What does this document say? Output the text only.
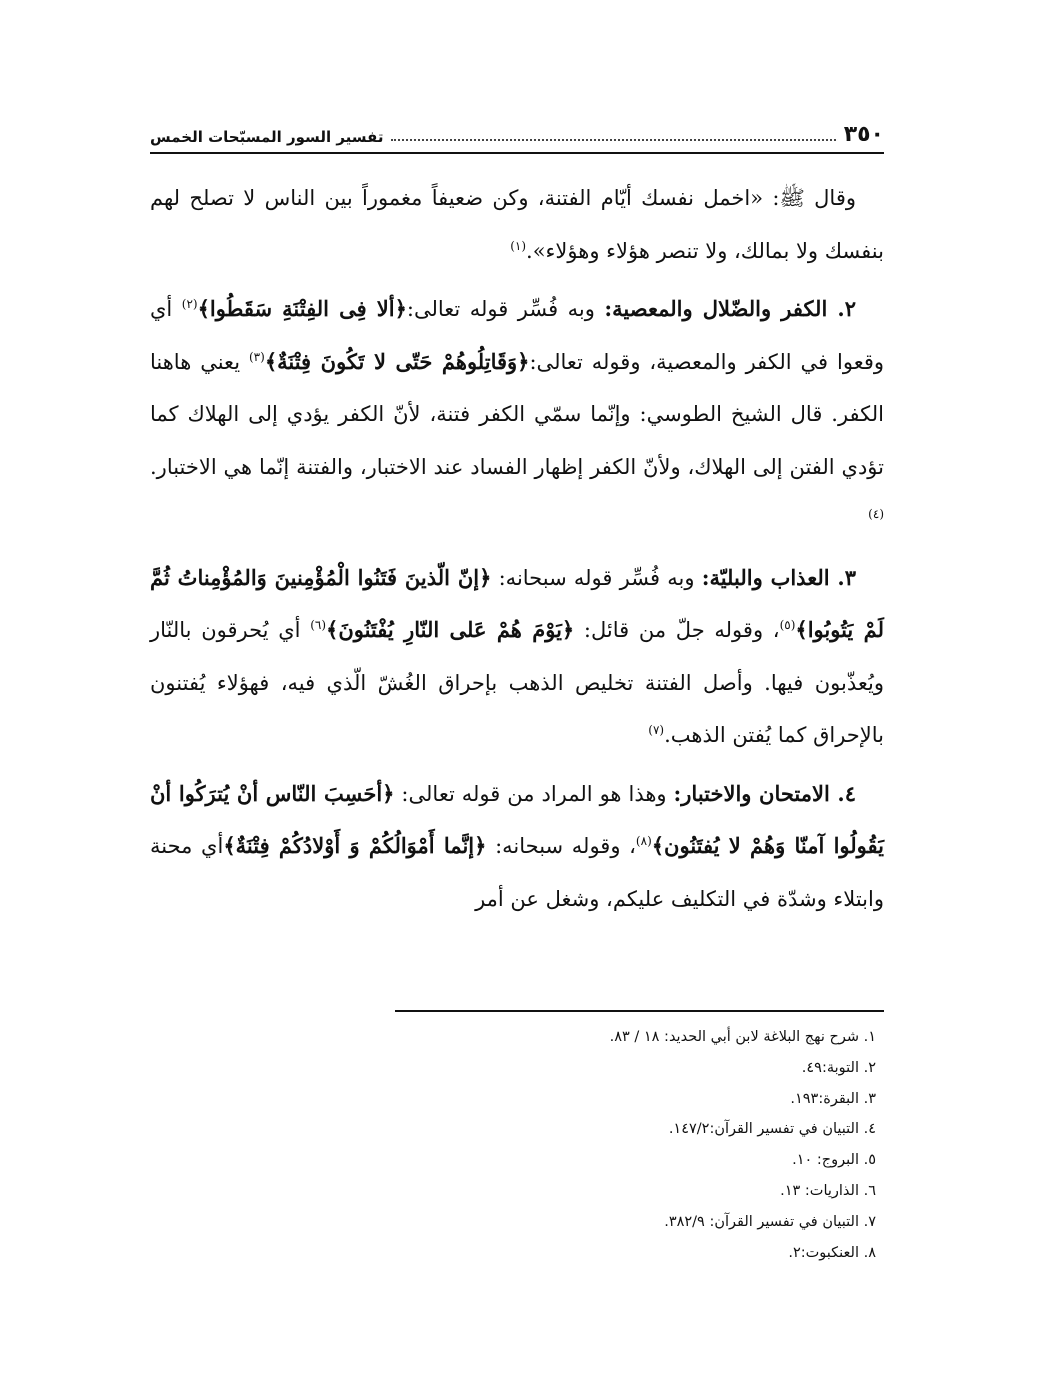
٣٥٠
تفسير السور المسبّحات الخمس

وقال ﷺ: «اخمل نفسك أيّام الفتنة، وكن ضعيفاً مغموراً بين الناس لا تصلح لهم بنفسك ولا بمالك، ولا تنصر هؤلاء وهؤلاء».$^{(١)}$

٢. الكفر والضّلال والمعصية: وبه فُسِّر قوله تعالى:﴿ألا فِى الفِتْنَةِ سَقَطُوا﴾$^{(٢)}$ أي وقعوا في الكفر والمعصية، وقوله تعالى:﴿وَقَاتِلُوهُمْ حَتّى لا تَكُونَ فِتْنَةٌ﴾$^{(٣)}$ يعني هاهنا الكفر. قال الشيخ الطوسي: وإنّما سمّي الكفر فتنة، لأنّ الكفر يؤدي إلى الهلاك كما تؤدي الفتن إلى الهلاك، ولأنّ الكفر إظهار الفساد عند الاختبار، والفتنة إنّما هي الاختبار.$^{(٤)}$

٣. العذاب والبليّة: وبه فُسِّر قوله سبحانه: ﴿إنّ الّذينَ فَتَنُوا الْمُؤْمِنينَ وَالمُؤْمِناتُ ثُمَّ لَمْ يَتُوبُوا﴾$^{(٥)}$، وقوله جلّ من قائل: ﴿يَوْمَ هُمْ عَلى النّارِ يُفْتَنُونَ﴾$^{(٦)}$ أي يُحرقون بالنّار ويُعذّبون فيها. وأصل الفتنة تخليص الذهب بإحراق الغُشّ الّذي فيه، فهؤلاء يُفتنون بالإحراق كما يُفتن الذهب.$^{(٧)}$

٤. الامتحان والاختبار: وهذا هو المراد من قوله تعالى: ﴿أحَسِبَ النّاس أنْ يُترَكُوا أنْ يَقُولُوا آمنّا وَهُمْ لا يُفتَنُون﴾$^{(٨)}$، وقوله سبحانه: ﴿إنَّما أَمْوَالُكُمْ وَ أَوْلادُكُمْ فِتْنَةٌ﴾أي محنة وابتلاء وشدّة في التكليف عليكم، وشغل عن أمر

١. شرح نهج البلاغة لابن أبي الحديد: ١٨ / ٨٣.
٢. التوبة:٤٩.
٣. البقرة:١٩٣.
٤. التبيان في تفسير القرآن:١٤٧/٢.
٥. البروج: ١٠.
٦. الذاريات: ١٣.
٧. التبيان في تفسير القرآن: ٣٨٢/٩.
٨. العنكبوت:٢.
